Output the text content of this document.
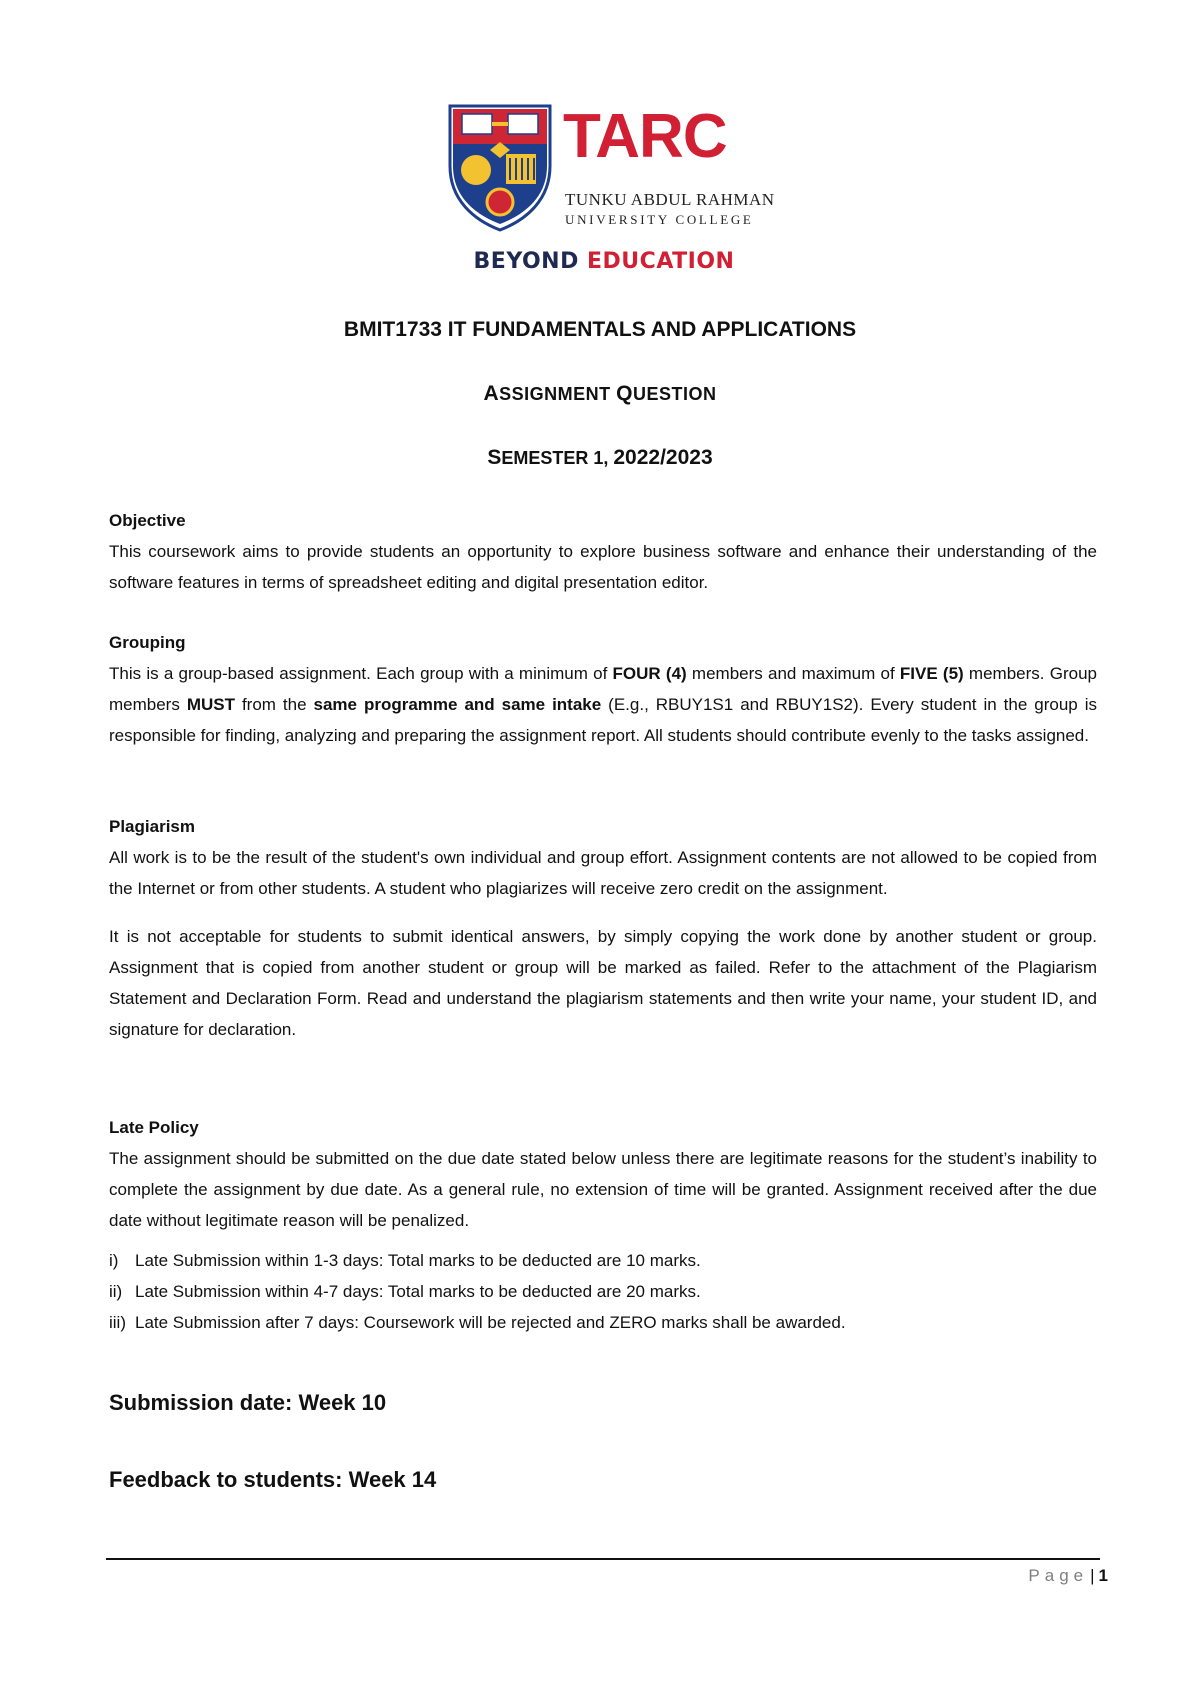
TARC
TUNKU ABDUL RAHMAN
UNIVERSITY COLLEGE
BEYOND EDUCATION
BMIT1733 IT FUNDAMENTALS AND APPLICATIONS
ASSIGNMENT QUESTION
SEMESTER 1, 2022/2023
Objective

This coursework aims to provide students an opportunity to explore business software and enhance their understanding of the software features in terms of spreadsheet editing and digital presentation editor.

Grouping

This is a group-based assignment. Each group with a minimum of FOUR (4) members and maximum of FIVE (5) members. Group members MUST from the same programme and same intake (E.g., RBUY1S1 and RBUY1S2). Every student in the group is responsible for finding, analyzing and preparing the assignment report. All students should contribute evenly to the tasks assigned.

Plagiarism

All work is to be the result of the student's own individual and group effort. Assignment contents are not allowed to be copied from the Internet or from other students. A student who plagiarizes will receive zero credit on the assignment.

It is not acceptable for students to submit identical answers, by simply copying the work done by another student or group. Assignment that is copied from another student or group will be marked as failed. Refer to the attachment of the Plagiarism Statement and Declaration Form. Read and understand the plagiarism statements and then write your name, your student ID, and signature for declaration.

Late Policy

The assignment should be submitted on the due date stated below unless there are legitimate reasons for the student’s inability to complete the assignment by due date. As a general rule, no extension of time will be granted. Assignment received after the due date without legitimate reason will be penalized.

i) Late Submission within 1-3 days: Total marks to be deducted are 10 marks.
ii) Late Submission within 4-7 days: Total marks to be deducted are 20 marks.
iii) Late Submission after 7 days: Coursework will be rejected and ZERO marks shall be awarded.
Submission date: Week 10
Feedback to students: Week 14
Page | 1
